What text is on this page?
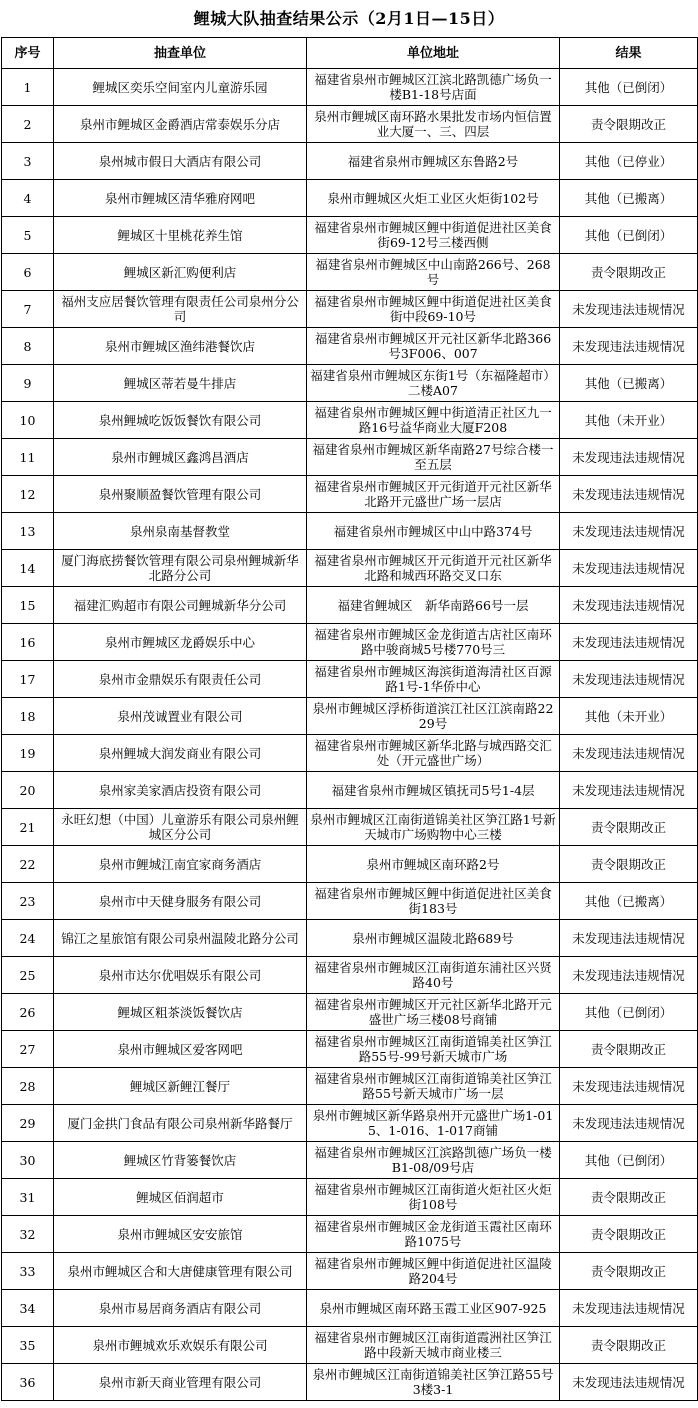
鲤城大队抽查结果公示（2月1日—15日）
序号	抽查单位	单位地址	结果
1	鲤城区奕乐空间室内儿童游乐园	福建省泉州市鲤城区江滨北路凯德广场负一楼B1-18号店面	其他（已倒闭）
2	泉州市鲤城区金爵酒店常泰娱乐分店	泉州市鲤城区南环路水果批发市场内恒信置业大厦一、三、四层	责令限期改正
3	泉州城市假日大酒店有限公司	福建省泉州市鲤城区东鲁路2号	其他（已停业）
4	泉州市鲤城区清华雅府网吧	泉州市鲤城区火炬工业区火炬街102号	其他（已搬离）
5	鲤城区十里桃花养生馆	福建省泉州市鲤城区鲤中街道促进社区美食街69-12号三楼西侧	其他（已倒闭）
6	鲤城区新汇购便利店	福建省泉州市鲤城区中山南路266号、268号	责令限期改正
7	福州支应居餐饮管理有限责任公司泉州分公司	福建省泉州市鲤城区鲤中街道促进社区美食街中段69-10号	未发现违法违规情况
8	泉州市鲤城区渔纬港餐饮店	福建省泉州市鲤城区开元社区新华北路366号3F006、007	未发现违法违规情况
9	鲤城区蒂若曼牛排店	福建省泉州市鲤城区东街1号（东福隆超市）二楼A07	其他（已搬离）
10	泉州鲤城吃饭饭餐饮有限公司	福建省泉州市鲤城区鲤中街道清正社区九一路16号益华商业大厦F208	其他（未开业）
11	泉州市鲤城区鑫鸿昌酒店	福建省泉州市鲤城区新华南路27号综合楼一至五层	未发现违法违规情况
12	泉州聚顺盈餐饮管理有限公司	福建省泉州市鲤城区开元街道开元社区新华北路开元盛世广场一层店	未发现违法违规情况
13	泉州泉南基督教堂	福建省泉州市鲤城区中山中路374号	未发现违法违规情况
14	厦门海底捞餐饮管理有限公司泉州鲤城新华北路分公司	福建省泉州市鲤城区开元街道开元社区新华北路和城西环路交叉口东	未发现违法违规情况
15	福建汇购超市有限公司鲤城新华分公司	福建省鲤城区　新华南路66号一层	未发现违法违规情况
16	泉州市鲤城区龙爵娱乐中心	福建省泉州市鲤城区金龙街道古店社区南环路中骏商城5号楼770号三	未发现违法违规情况
17	泉州市金鼎娱乐有限责任公司	福建省泉州市鲤城区海滨街道海清社区百源路1号-1华侨中心	未发现违法违规情况
18	泉州茂诚置业有限公司	泉州市鲤城区浮桥街道滨江社区江滨南路2229号	其他（未开业）
19	泉州鲤城大润发商业有限公司	福建省泉州市鲤城区新华北路与城西路交汇处（开元盛世广场）	未发现违法违规情况
20	泉州家美家酒店投资有限公司	福建省泉州市鲤城区镇抚司5号1-4层	未发现违法违规情况
21	永旺幻想（中国）儿童游乐有限公司泉州鲤城区分公司	泉州市鲤城区江南街道锦美社区笋江路1号新天城市广场购物中心三楼	责令限期改正
22	泉州市鲤城江南宜家商务酒店	泉州市鲤城区南环路2号	责令限期改正
23	泉州市中天健身服务有限公司	福建省泉州市鲤城区鲤中街道促进社区美食街183号	其他（已搬离）
24	锦江之星旅馆有限公司泉州温陵北路分公司	泉州市鲤城区温陵北路689号	未发现违法违规情况
25	泉州市达尔优唱娱乐有限公司	福建省泉州市鲤城区江南街道东浦社区兴贤路40号	未发现违法违规情况
26	鲤城区粗茶淡饭餐饮店	福建省泉州市鲤城区开元社区新华北路开元盛世广场三楼08号商铺	其他（已倒闭）
27	泉州市鲤城区爱客网吧	福建省泉州市鲤城区江南街道锦美社区笋江路55号-99号新天城市广场	责令限期改正
28	鲤城区新鲤江餐厅	福建省泉州市鲤城区江南街道锦美社区笋江路55号新天城市广场一层	未发现违法违规情况
29	厦门金拱门食品有限公司泉州新华路餐厅	泉州市鲤城区新华路泉州开元盛世广场1-015、1-016、1-017商铺	未发现违法违规情况
30	鲤城区竹背篓餐饮店	福建省泉州市鲤城区江滨路凯德广场负一楼B1-08/09号店	其他（已倒闭）
31	鲤城区佰润超市	福建省泉州市鲤城区江南街道火炬社区火炬街108号	责令限期改正
32	泉州市鲤城区安安旅馆	福建省泉州市鲤城区金龙街道玉霞社区南环路1075号	责令限期改正
33	泉州市鲤城区合和大唐健康管理有限公司	福建省泉州市鲤城区鲤中街道促进社区温陵路204号	责令限期改正
34	泉州市易居商务酒店有限公司	泉州市鲤城区南环路玉霞工业区907-925	未发现违法违规情况
35	泉州市鲤城欢乐欢娱乐有限公司	福建省泉州市鲤城区江南街道霞洲社区笋江路中段新天城市商业楼三	责令限期改正
36	泉州市新天商业管理有限公司	泉州市鲤城区江南街道锦美社区笋江路55号3楼3-1	未发现违法违规情况
